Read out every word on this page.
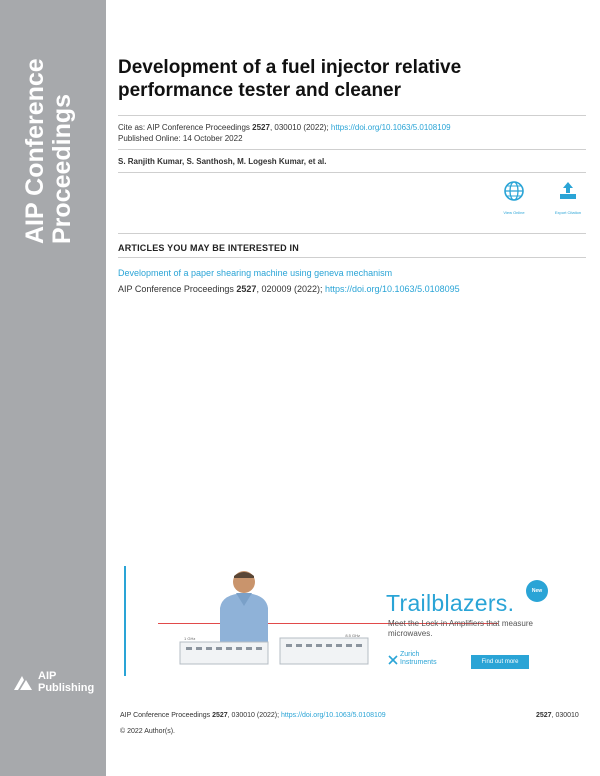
AIP Conference Proceedings
AIP
Publishing
Development of a fuel injector relative performance tester and cleaner
Cite as: AIP Conference Proceedings 2527, 030010 (2022); https://doi.org/10.1063/5.0108109
Published Online: 14 October 2022
S. Ranjith Kumar, S. Santhosh, M. Logesh Kumar, et al.
View Online	Export Citation
ARTICLES YOU MAY BE INTERESTED IN
Development of a paper shearing machine using geneva mechanism
AIP Conference Proceedings 2527, 020009 (2022); https://doi.org/10.1063/5.0108095
1 GHz
8.5 GHz
New
Trailblazers.
Meet the Lock-in Amplifiers that measure microwaves.
Zurich
Instruments	Find out more
AIP Conference Proceedings 2527, 030010 (2022); https://doi.org/10.1063/5.0108109	2527, 030010
© 2022 Author(s).
